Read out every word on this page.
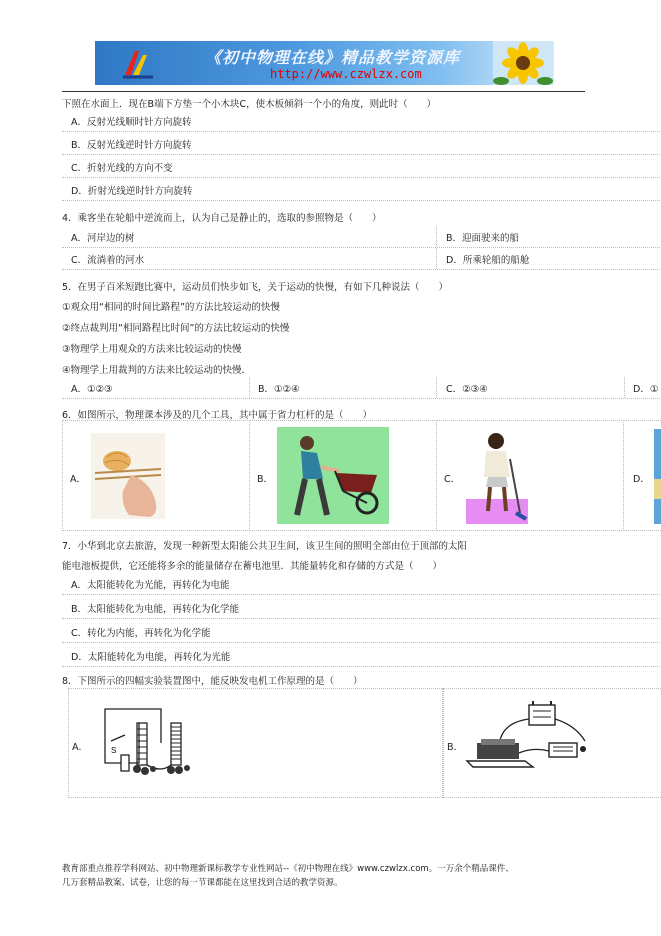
《初中物理在线》精品教学资源库
http://www.czwlzx.com
下照在水面上．现在B端下方垫一个小木块C，使木板倾斜一个小的角度，则此时（　　）
A．反射光线顺时针方向旋转
B．反射光线逆时针方向旋转
C．折射光线的方向不变
D．折射光线逆时针方向旋转
4．乘客坐在轮船中逆流而上，认为自己是静止的，选取的参照物是（　　）
A．河岸边的树	B．迎面驶来的船
C．流淌着的河水	D．所乘轮船的船舱
5．在男子百米短跑比赛中，运动员们快步如飞，关于运动的快慢，有如下几种说法（　　）
①观众用“相同的时间比路程”的方法比较运动的快慢
②终点裁判用“相同路程比时间”的方法比较运动的快慢
③物理学上用观众的方法来比较运动的快慢
④物理学上用裁判的方法来比较运动的快慢．
A．①②③	B．①②④	C．②③④	D．①
6．如图所示，物理课本涉及的几个工具，其中属于省力杠杆的是（　　）
A．	B．	C．	D．
7．小华到北京去旅游，发现一种新型太阳能公共卫生间，该卫生间的照明全部由位于顶部的太阳
能电池板提供，它还能将多余的能量储存在蓄电池里．其能量转化和存储的方式是（　　）
A．太阳能转化为光能，再转化为电能
B．太阳能转化为电能，再转化为化学能
C．转化为内能，再转化为化学能
D．太阳能转化为电能，再转化为光能
8．下图所示的四幅实验装置图中，能反映发电机工作原理的是（　　）
A．	S	B．
教育部重点推荐学科网站、初中物理新课标教学专业性网站--《初中物理在线》www.czwlzx.com。一万余个精品课件、
几万套精品教案、试卷，让您的每一节课都能在这里找到合适的教学资源。
